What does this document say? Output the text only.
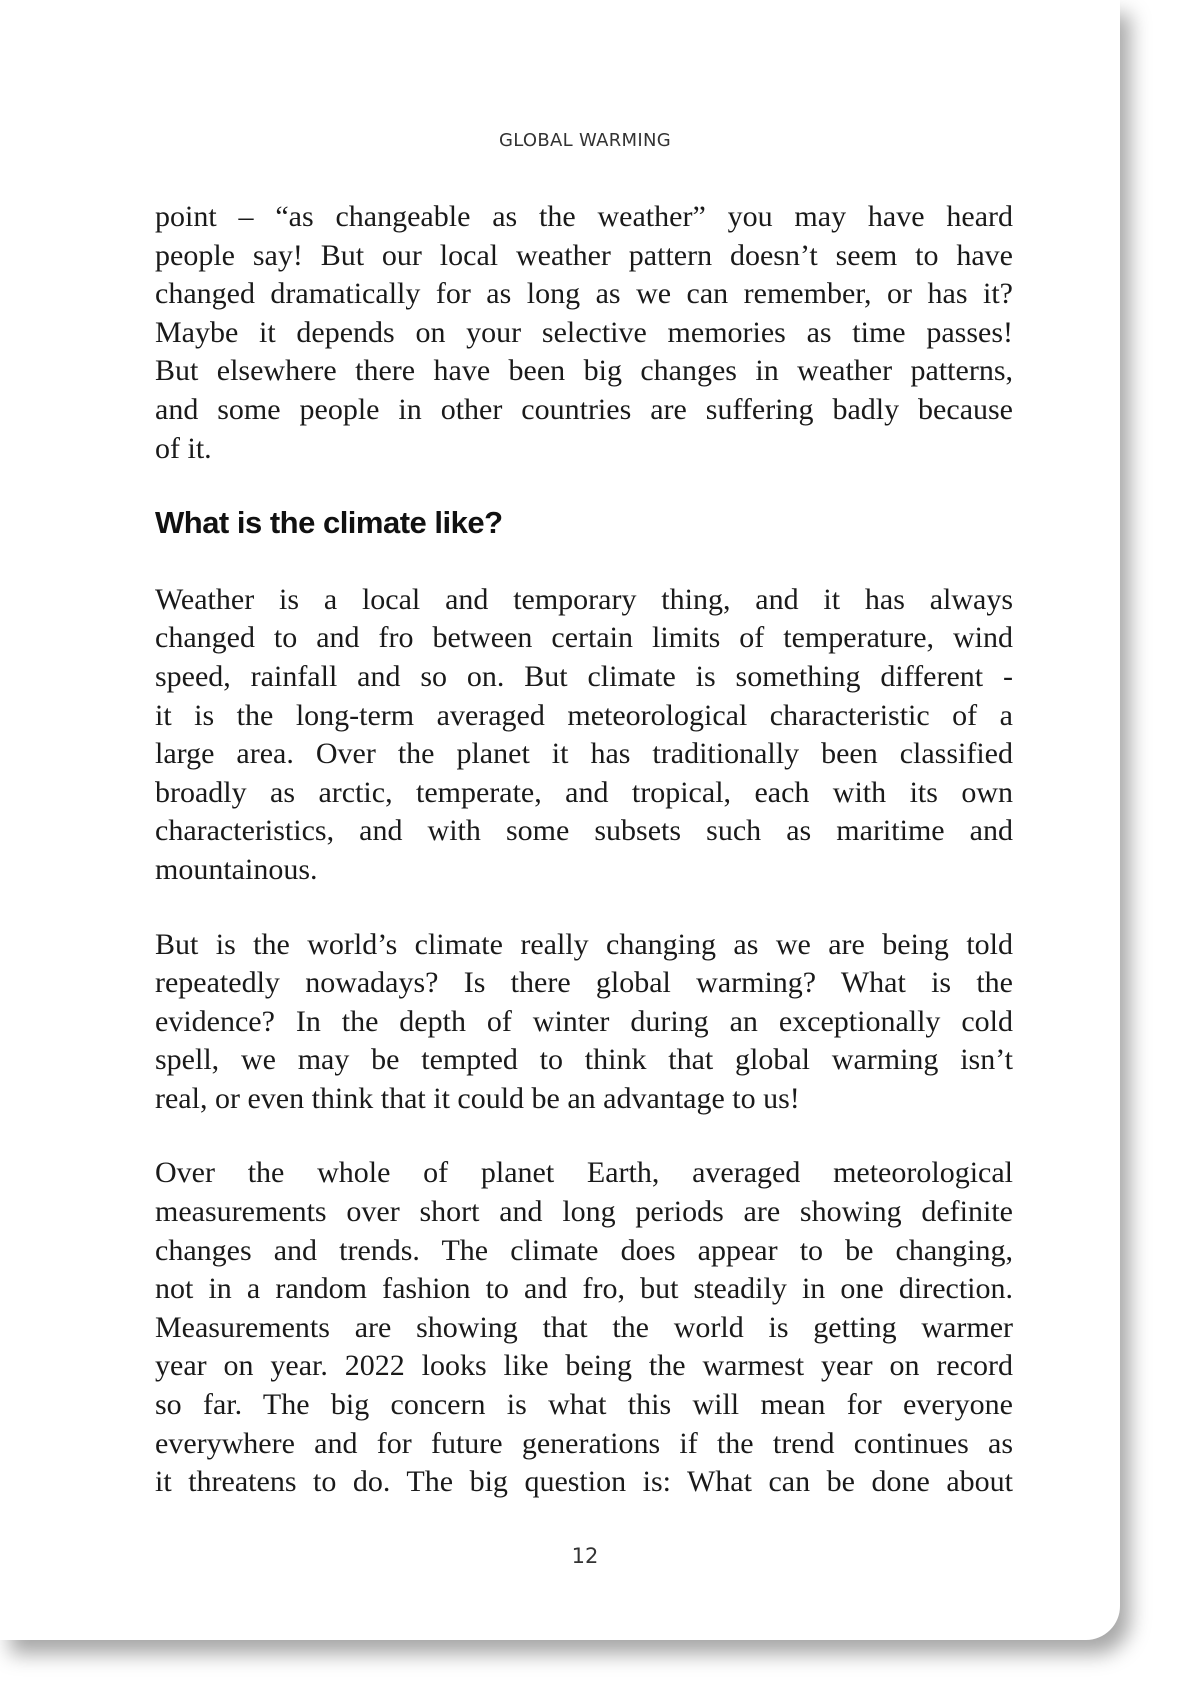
GLOBAL WARMING
point – “as changeable as the weather” you may have heard
people say! But our local weather pattern doesn’t seem to have
changed dramatically for as long as we can remember, or has it?
Maybe it depends on your selective memories as time passes!
But elsewhere there have been big changes in weather patterns,
and some people in other countries are suffering badly because
of it.
What is the climate like?
Weather is a local and temporary thing, and it has always
changed to and fro between certain limits of temperature, wind
speed, rainfall and so on. But climate is something different -
it is the long-term averaged meteorological characteristic of a
large area. Over the planet it has traditionally been classified
broadly as arctic, temperate, and tropical, each with its own
characteristics, and with some subsets such as maritime and
mountainous.
But is the world’s climate really changing as we are being told
repeatedly nowadays? Is there global warming? What is the
evidence? In the depth of winter during an exceptionally cold
spell, we may be tempted to think that global warming isn’t
real, or even think that it could be an advantage to us!
Over the whole of planet Earth, averaged meteorological
measurements over short and long periods are showing definite
changes and trends. The climate does appear to be changing,
not in a random fashion to and fro, but steadily in one direction.
Measurements are showing that the world is getting warmer
year on year. 2022 looks like being the warmest year on record
so far. The big concern is what this will mean for everyone
everywhere and for future generations if the trend continues as
it threatens to do. The big question is: What can be done about
12
